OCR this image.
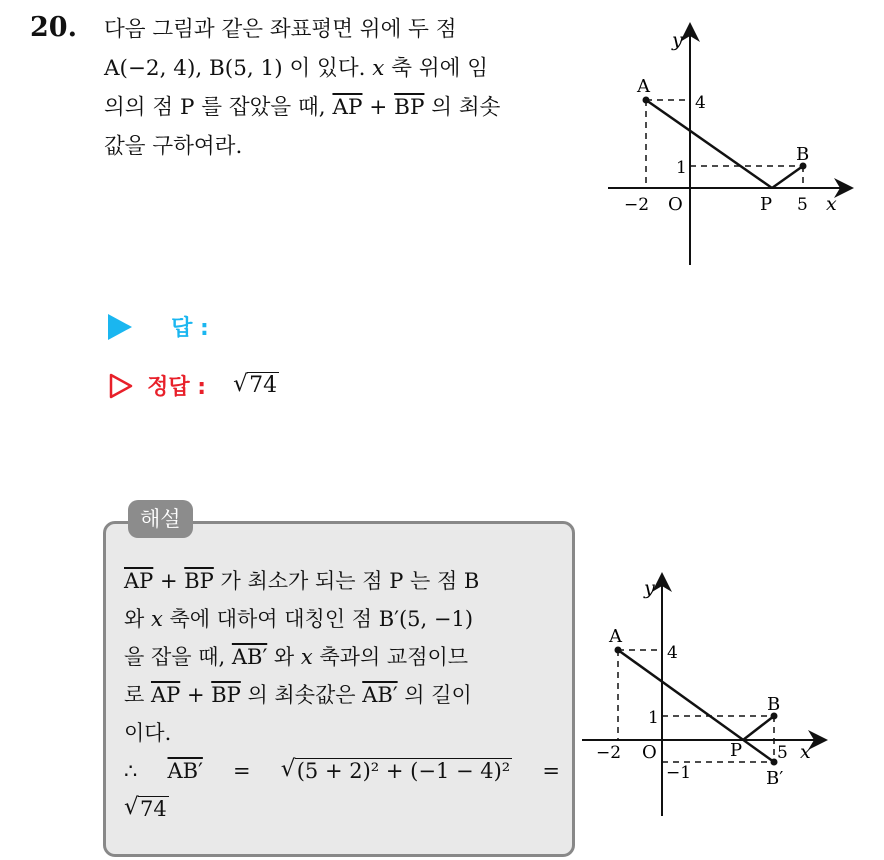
20. 다음 그림과 같은 좌표평면 위에 두 점
A(−2, 4), B(5, 1) 이 있다. x 축 위에 임
의의 점 P 를 잡았을 때, $\overline{AP} + \overline{BP}$ 의 최솟
값을 구하여라.
y
x
O
A
B
P
4
1
−2	5
답 :
정답 : √ 74
해설
$\overline{AP} + \overline{BP}$ 가 최소가 되는 점 P 는 점 B
와 x 축에 대하여 대칭인 점 B′(5, −1)
을 잡을 때, AB′ 와 x 축과의 교점이므
로 $\overline{AP} + \overline{BP}$ 의 최솟값은 AB′ 의 길이
이다.
∴ AB′ =	√ (5 + 2)² + (−1 − 4)² =
√ 74
y
x
O
A
B
B′
P
4
1
−1
−2	5
